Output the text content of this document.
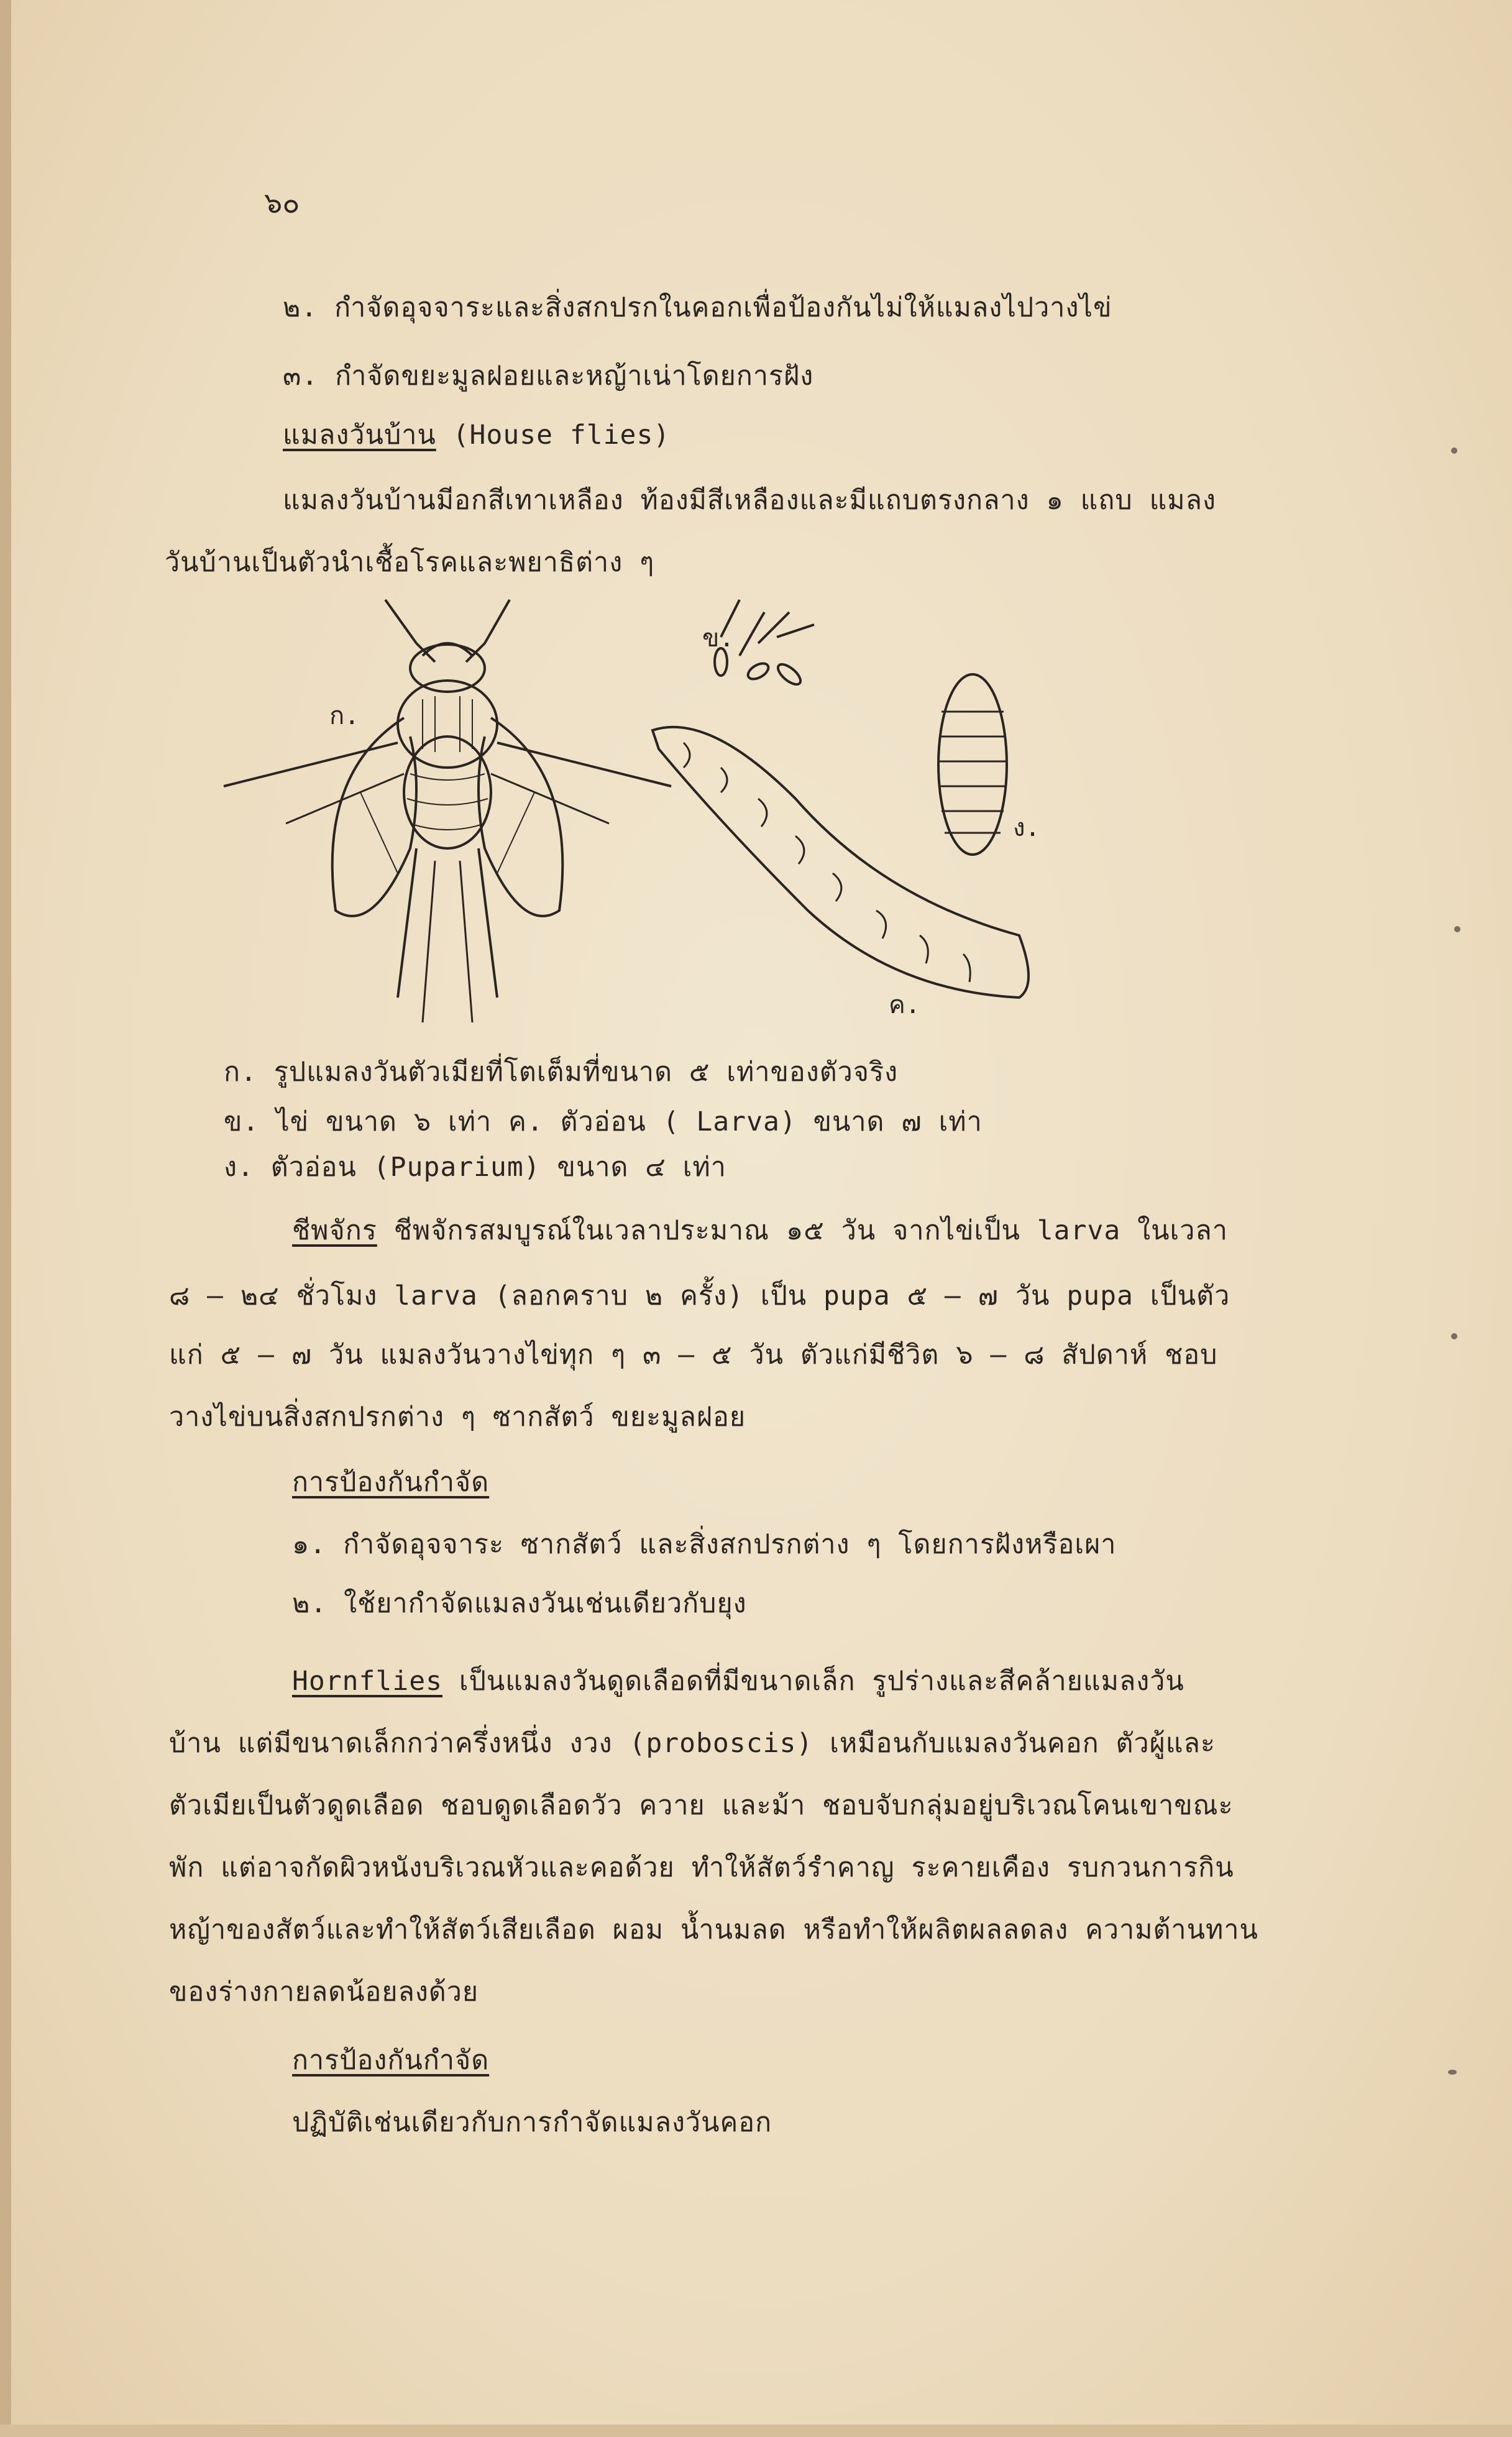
๖๐
๒. กำจัดอุจจาระและสิ่งสกปรกในคอกเพื่อป้องกันไม่ให้แมลงไปวางไข่
๓. กำจัดขยะมูลฝอยและหญ้าเน่าโดยการฝัง
แมลงวันบ้าน (House flies)
แมลงวันบ้านมีอกสีเทาเหลือง ท้องมีสีเหลืองและมีแถบตรงกลาง ๑ แถบ แมลง
วันบ้านเป็นตัวนำเชื้อโรคและพยาธิต่าง ๆ
ก.
ข.
ค.
ง.
ก. รูปแมลงวันตัวเมียที่โตเต็มที่ขนาด ๕ เท่าของตัวจริง
ข. ไข่ ขนาด ๖ เท่า ค. ตัวอ่อน ( Larva) ขนาด ๗ เท่า
ง. ตัวอ่อน (Puparium) ขนาด ๔ เท่า
ชีพจักร ชีพจักรสมบูรณ์ในเวลาประมาณ ๑๕ วัน จากไข่เป็น larva ในเวลา
๘ – ๒๔ ชั่วโมง larva (ลอกคราบ ๒ ครั้ง) เป็น pupa ๕ – ๗ วัน pupa เป็นตัว
แก่ ๕ – ๗ วัน แมลงวันวางไข่ทุก ๆ ๓ – ๕ วัน ตัวแก่มีชีวิต ๖ – ๘ สัปดาห์ ชอบ
วางไข่บนสิ่งสกปรกต่าง ๆ ซากสัตว์ ขยะมูลฝอย
การป้องกันกำจัด
๑. กำจัดอุจจาระ ซากสัตว์ และสิ่งสกปรกต่าง ๆ โดยการฝังหรือเผา
๒. ใช้ยากำจัดแมลงวันเช่นเดียวกับยุง
Hornflies เป็นแมลงวันดูดเลือดที่มีขนาดเล็ก รูปร่างและสีคล้ายแมลงวัน
บ้าน แต่มีขนาดเล็กกว่าครึ่งหนึ่ง งวง (proboscis) เหมือนกับแมลงวันคอก ตัวผู้และ
ตัวเมียเป็นตัวดูดเลือด ชอบดูดเลือดวัว ควาย และม้า ชอบจับกลุ่มอยู่บริเวณโคนเขาขณะ
พัก แต่อาจกัดผิวหนังบริเวณหัวและคอด้วย ทำให้สัตว์รำคาญ ระคายเคือง รบกวนการกิน
หญ้าของสัตว์และทำให้สัตว์เสียเลือด ผอม น้ำนมลด หรือทำให้ผลิตผลลดลง ความต้านทาน
ของร่างกายลดน้อยลงด้วย
การป้องกันกำจัด
ปฏิบัติเช่นเดียวกับการกำจัดแมลงวันคอก
